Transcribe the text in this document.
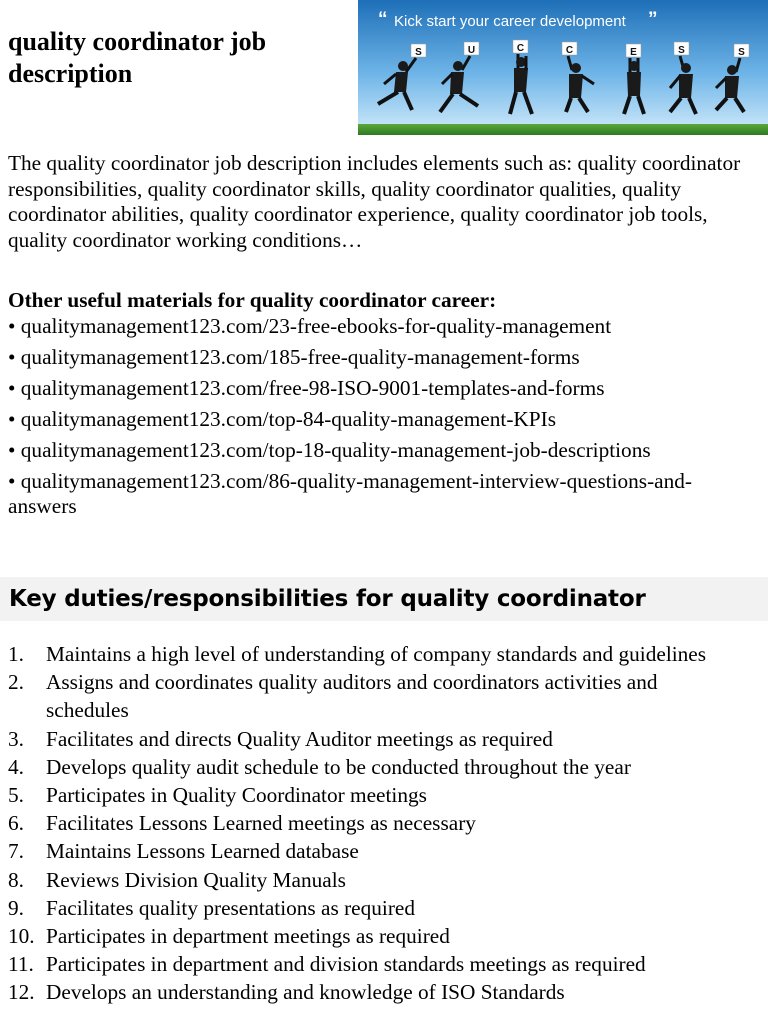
quality coordinator job description
“ Kick start your career development ”
S	U	C	C	E	S	S

The quality coordinator job description includes elements such as: quality coordinator responsibilities, quality coordinator skills, quality coordinator qualities, quality coordinator abilities, quality coordinator experience, quality coordinator job tools, quality coordinator working conditions…

Other useful materials for quality coordinator career:

• qualitymanagement123.com/23-free-ebooks-for-quality-management
• qualitymanagement123.com/185-free-quality-management-forms
• qualitymanagement123.com/free-98-ISO-9001-templates-and-forms
• qualitymanagement123.com/top-84-quality-management-KPIs
• qualitymanagement123.com/top-18-quality-management-job-descriptions
• qualitymanagement123.com/86-quality-management-interview-questions-and-answers
Key duties/responsibilities for quality coordinator
1.	Maintains a high level of understanding of company standards and guidelines
2.	Assigns and coordinates quality auditors and coordinators activities and schedules
3.	Facilitates and directs Quality Auditor meetings as required
4.	Develops quality audit schedule to be conducted throughout the year
5.	Participates in Quality Coordinator meetings
6.	Facilitates Lessons Learned meetings as necessary
7.	Maintains Lessons Learned database
8.	Reviews Division Quality Manuals
9.	Facilitates quality presentations as required
10. Participates in department meetings as required
11. Participates in department and division standards meetings as required
12. Develops an understanding and knowledge of ISO Standards
